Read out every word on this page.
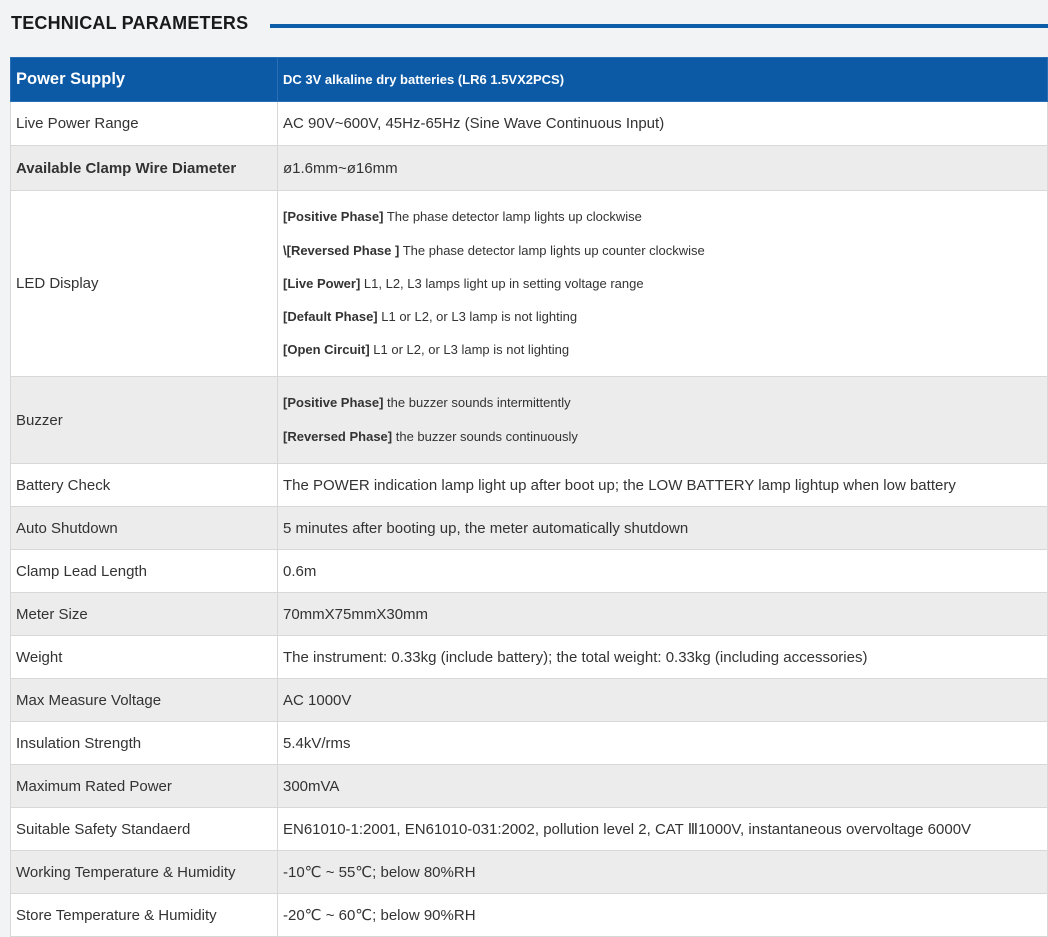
TECHNICAL PARAMETERS
Power Supply	DC 3V alkaline dry batteries (LR6 1.5VX2PCS)
Live Power Range	AC 90V~600V, 45Hz-65Hz (Sine Wave Continuous Input)
Available Clamp Wire Diameter	ø1.6mm~ø16mm
LED Display	[Positive Phase] The phase detector lamp lights up clockwise
\[Reversed Phase ] The phase detector lamp lights up counter clockwise
[Live Power] L1, L2, L3 lamps light up in setting voltage range
[Default Phase] L1 or L2, or L3 lamp is not lighting
[Open Circuit] L1 or L2, or L3 lamp is not lighting

Buzzer	[Positive Phase] the buzzer sounds intermittently
[Reversed Phase] the buzzer sounds continuously

Battery Check	The POWER indication lamp light up after boot up; the LOW BATTERY lamp lightup when low battery
Auto Shutdown	5 minutes after booting up, the meter automatically shutdown
Clamp Lead Length	0.6m
Meter Size	70mmX75mmX30mm
Weight	The instrument: 0.33kg (include battery); the total weight: 0.33kg (including accessories)
Max Measure Voltage	AC 1000V
Insulation Strength	5.4kV/rms
Maximum Rated Power	300mVA
Suitable Safety Standaerd	EN61010-1:2001, EN61010-031:2002, pollution level 2, CAT Ⅲ1000V, instantaneous overvoltage 6000V
Working Temperature & Humidity	-10℃ ~ 55℃; below 80%RH
Store Temperature & Humidity	-20℃ ~ 60℃; below 90%RH
